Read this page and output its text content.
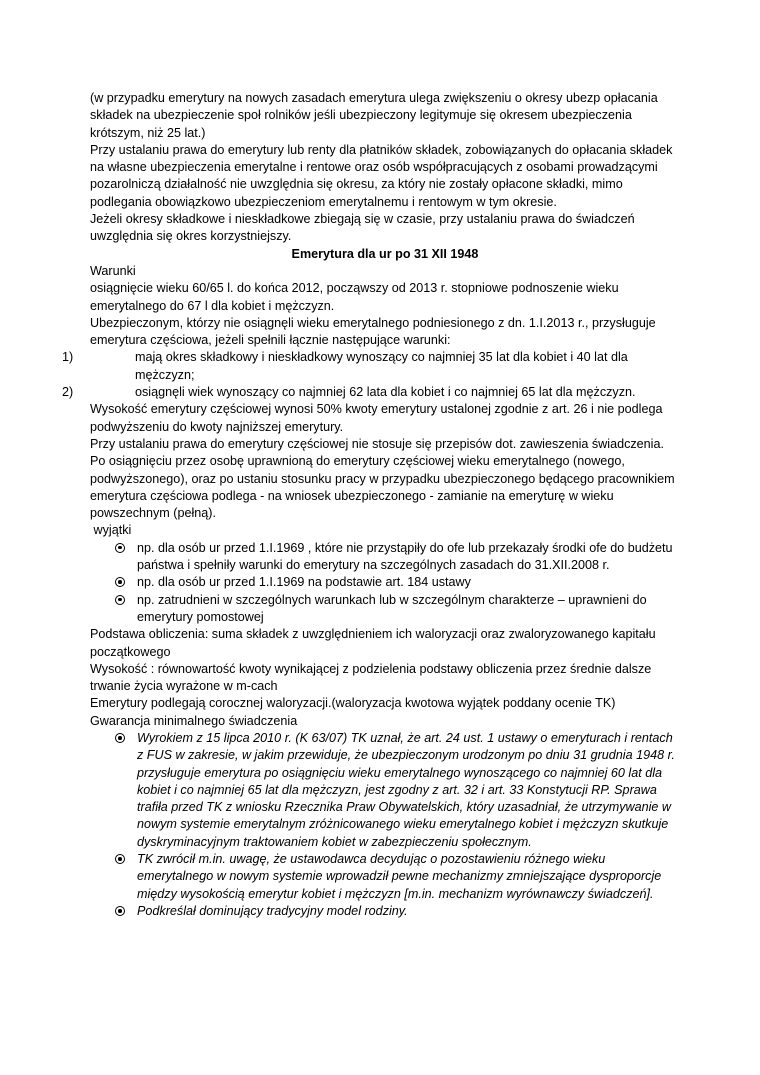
(w przypadku emerytury na nowych zasadach emerytura ulega zwiększeniu o okresy ubezp opłacania składek na ubezpieczenie społ rolników jeśli ubezpieczony legitymuje się okresem ubezpieczenia krótszym, niż 25 lat.)

Przy ustalaniu prawa do emerytury lub renty dla płatników składek, zobowiązanych do opłacania składek na własne ubezpieczenia emerytalne i rentowe oraz osób współpracujących z osobami prowadzącymi pozarolniczą działalność nie uwzględnia się okresu, za który nie zostały opłacone składki, mimo podlegania obowiązkowo ubezpieczeniom emerytalnemu i rentowym w tym okresie.

Jeżeli okresy składkowe i nieskładkowe zbiegają się w czasie, przy ustalaniu prawa do świadczeń uwzględnia się okres korzystniejszy.

Emerytura dla ur po 31 XII 1948

Warunki

osiągnięcie wieku 60/65 l. do końca 2012, począwszy od 2013 r. stopniowe podnoszenie wieku emerytalnego do 67 l dla kobiet i mężczyzn.

Ubezpieczonym, którzy nie osiągnęli wieku emerytalnego podniesionego z dn. 1.I.2013 r., przysługuje emerytura częściowa, jeżeli spełnili łącznie następujące warunki:

1)	mają okres składkowy i nieskładkowy wynoszący co najmniej 35 lat dla kobiet i 40 lat dla mężczyzn;
2)	osiągnęli wiek wynoszący co najmniej 62 lata dla kobiet i co najmniej 65 lat dla mężczyzn.

Wysokość emerytury częściowej wynosi 50% kwoty emerytury ustalonej zgodnie z art. 26 i nie podlega podwyższeniu do kwoty najniższej emerytury.

Przy ustalaniu prawa do emerytury częściowej nie stosuje się przepisów dot. zawieszenia świadczenia.

Po osiągnięciu przez osobę uprawnioną do emerytury częściowej wieku emerytalnego (nowego, podwyższonego), oraz po ustaniu stosunku pracy w przypadku ubezpieczonego będącego pracownikiem emerytura częściowa podlega - na wniosek ubezpieczonego - zamianie na emeryturę w wieku powszechnym (pełną).

wyjątki

np. dla osób ur przed 1.I.1969 , które nie przystąpiły do ofe lub przekazały środki ofe do budżetu państwa i spełniły warunki do emerytury na szczególnych zasadach do 31.XII.2008 r.
np. dla osób ur przed 1.I.1969 na podstawie art. 184 ustawy
np. zatrudnieni w szczególnych warunkach lub w szczególnym charakterze – uprawnieni do emerytury pomostowej

Podstawa obliczenia: suma składek z uwzględnieniem ich waloryzacji oraz zwaloryzowanego kapitału początkowego

Wysokość : równowartość kwoty wynikającej z podzielenia podstawy obliczenia przez średnie dalsze trwanie życia wyrażone w m-cach

Emerytury podlegają corocznej waloryzacji.(waloryzacja kwotowa wyjątek poddany ocenie TK)

Gwarancja minimalnego świadczenia

Wyrokiem z 15 lipca 2010 r. (K 63/07) TK uznał, że art. 24 ust. 1 ustawy o emeryturach i rentach z FUS w zakresie, w jakim przewiduje, że ubezpieczonym urodzonym po dniu 31 grudnia 1948 r. przysługuje emerytura po osiągnięciu wieku emerytalnego wynoszącego co najmniej 60 lat dla kobiet i co najmniej 65 lat dla mężczyzn, jest zgodny z art. 32 i art. 33 Konstytucji RP. Sprawa trafiła przed TK z wniosku Rzecznika Praw Obywatelskich, który uzasadniał, że utrzymywanie w nowym systemie emerytalnym zróżnicowanego wieku emerytalnego kobiet i mężczyzn skutkuje dyskryminacyjnym traktowaniem kobiet w zabezpieczeniu społecznym.
TK zwrócił m.in. uwagę, że ustawodawca decydując o pozostawieniu różnego wieku emerytalnego w nowym systemie wprowadził pewne mechanizmy zmniejszające dysproporcje między wysokością emerytur kobiet i mężczyzn [m.in. mechanizm wyrównawczy świadczeń].
Podkreślał dominujący tradycyjny model rodziny.
